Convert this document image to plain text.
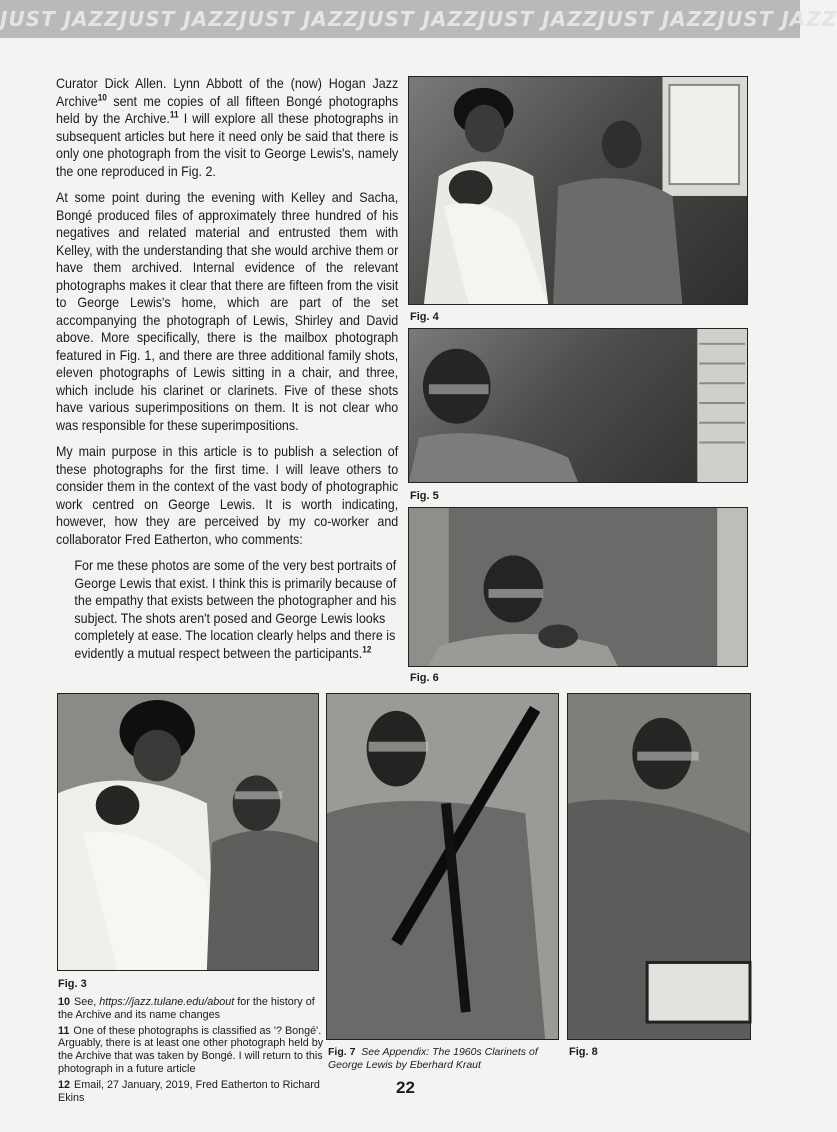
JUST JAZZ JUST JAZZ JUST JAZZ JUST JAZZ JUST JAZZ JUST JAZZ JUST JAZZ

Curator Dick Allen. Lynn Abbott of the (now) Hogan Jazz Archive$^{10}$ sent me copies of all fifteen Bongé photographs held by the Archive.$^{11}$ I will explore all these photographs in subsequent articles but here it need only be said that there is only one photograph from the visit to George Lewis's, namely the one reproduced in Fig. 2.

At some point during the evening with Kelley and Sacha, Bongé produced files of approximately three hundred of his negatives and related material and entrusted them with Kelley, with the understanding that she would archive them or have them archived. Internal evidence of the relevant photographs makes it clear that there are fifteen from the visit to George Lewis's home, which are part of the set accompanying the photograph of Lewis, Shirley and David above. More specifically, there is the mailbox photograph featured in Fig. 1, and there are three additional family shots, eleven photographs of Lewis sitting in a chair, and three, which include his clarinet or clarinets. Five of these shots have various superimpositions on them. It is not clear who was responsible for these superimpositions.

My main purpose in this article is to publish a selection of these photographs for the first time. I will leave others to consider them in the context of the vast body of photographic work centred on George Lewis. It is worth indicating, however, how they are perceived by my co-worker and collaborator Fred Eatherton, who comments:

For me these photos are some of the very best portraits of George Lewis that exist. I think this is primarily because of the empathy that exists between the photographer and his subject. The shots aren't posed and George Lewis looks completely at ease. The location clearly helps and there is evidently a mutual respect between the participants.$^{12}$

Fig. 4
Fig. 5
Fig. 6
Fig. 3
Fig. 7 See Appendix: The 1960s Clarinets of George Lewis by Eberhard Kraut
Fig. 8
10 See, https://jazz.tulane.edu/about for the history of the Archive and its name changes
11 One of these photographs is classified as '? Bongé'. Arguably, there is at least one other photograph held by the Archive that was taken by Bongé. I will return to this photograph in a future article
12 Email, 27 January, 2019, Fred Eatherton to Richard Ekins
22
